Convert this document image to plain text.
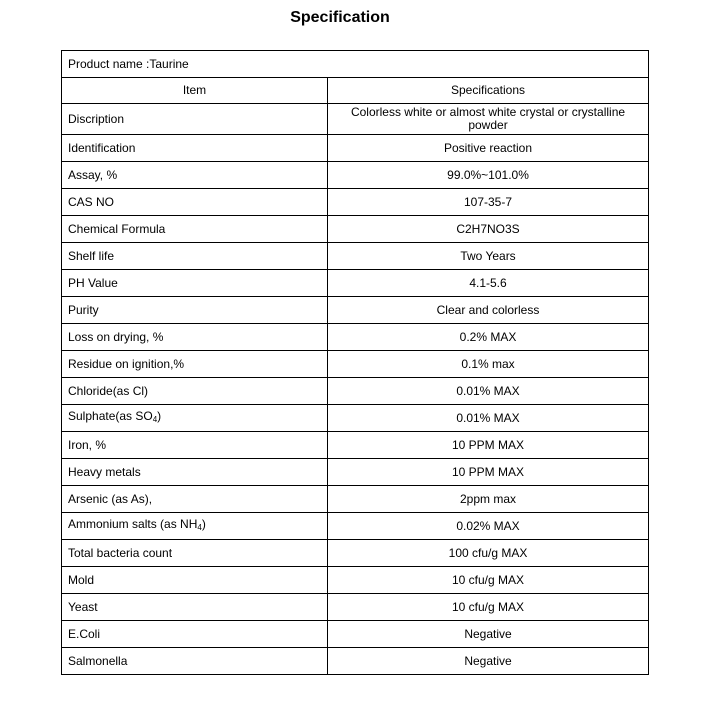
Specification
Product name :Taurine	
Item	Specifications
Discription	Colorless white or almost white crystal or crystalline powder
Identification	Positive reaction
Assay, %	99.0%~101.0%
CAS NO	107-35-7
Chemical Formula	C2H7NO3S
Shelf life	Two Years
PH Value	4.1-5.6
Purity	Clear and colorless
Loss on drying, %	0.2% MAX
Residue on ignition,%	0.1% max
Chloride(as Cl)	0.01% MAX
Sulphate(as $SO_4$)	0.01% MAX
Iron, %	10 PPM MAX
Heavy metals	10 PPM MAX
Arsenic (as As),	2ppm max
Ammonium salts (as $NH_4$)	0.02% MAX
Total bacteria count	100 cfu/g MAX
Mold	10 cfu/g MAX
Yeast	10 cfu/g MAX
E.Coli	Negative
Salmonella	Negative
